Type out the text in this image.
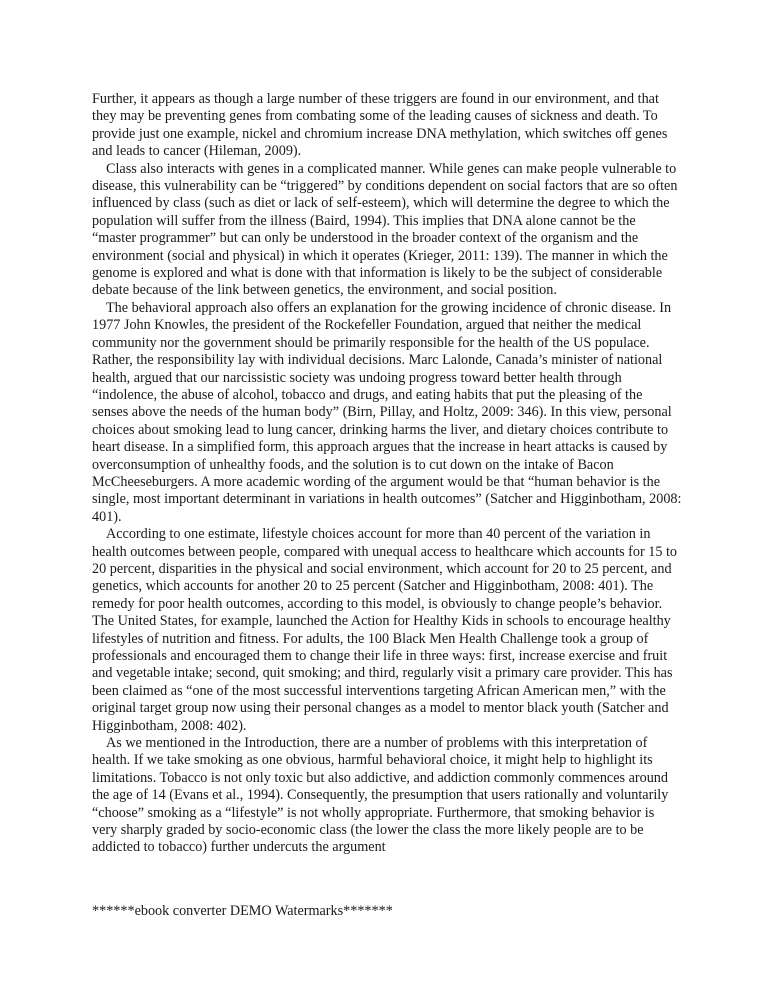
Further, it appears as though a large number of these triggers are found in our environment, and that they may be preventing genes from combating some of the leading causes of sickness and death. To provide just one example, nickel and chromium increase DNA methylation, which switches off genes and leads to cancer (Hileman, 2009).

Class also interacts with genes in a complicated manner. While genes can make people vulnerable to disease, this vulnerability can be “triggered” by conditions dependent on social factors that are so often influenced by class (such as diet or lack of self-esteem), which will determine the degree to which the population will suffer from the illness (Baird, 1994). This implies that DNA alone cannot be the “master programmer” but can only be understood in the broader context of the organism and the environment (social and physical) in which it operates (Krieger, 2011: 139). The manner in which the genome is explored and what is done with that information is likely to be the subject of considerable debate because of the link between genetics, the environment, and social position.

The behavioral approach also offers an explanation for the growing incidence of chronic disease. In 1977 John Knowles, the president of the Rockefeller Foundation, argued that neither the medical community nor the government should be primarily responsible for the health of the US populace. Rather, the responsibility lay with individual decisions. Marc Lalonde, Canada’s minister of national health, argued that our narcissistic society was undoing progress toward better health through “indolence, the abuse of alcohol, tobacco and drugs, and eating habits that put the pleasing of the senses above the needs of the human body” (Birn, Pillay, and Holtz, 2009: 346). In this view, personal choices about smoking lead to lung cancer, drinking harms the liver, and dietary choices contribute to heart disease. In a simplified form, this approach argues that the increase in heart attacks is caused by overconsumption of unhealthy foods, and the solution is to cut down on the intake of Bacon McCheeseburgers. A more academic wording of the argument would be that “human behavior is the single, most important determinant in variations in health outcomes” (Satcher and Higginbotham, 2008: 401).

According to one estimate, lifestyle choices account for more than 40 percent of the variation in health outcomes between people, compared with unequal access to healthcare which accounts for 15 to 20 percent, disparities in the physical and social environment, which account for 20 to 25 percent, and genetics, which accounts for another 20 to 25 percent (Satcher and Higginbotham, 2008: 401). The remedy for poor health outcomes, according to this model, is obviously to change people’s behavior. The United States, for example, launched the Action for Healthy Kids in schools to encourage healthy lifestyles of nutrition and fitness. For adults, the 100 Black Men Health Challenge took a group of professionals and encouraged them to change their life in three ways: first, increase exercise and fruit and vegetable intake; second, quit smoking; and third, regularly visit a primary care provider. This has been claimed as “one of the most successful interventions targeting African American men,” with the original target group now using their personal changes as a model to mentor black youth (Satcher and Higginbotham, 2008: 402).

As we mentioned in the Introduction, there are a number of problems with this interpretation of health. If we take smoking as one obvious, harmful behavioral choice, it might help to highlight its limitations. Tobacco is not only toxic but also addictive, and addiction commonly commences around the age of 14 (Evans et al., 1994). Consequently, the presumption that users rationally and voluntarily “choose” smoking as a “lifestyle” is not wholly appropriate. Furthermore, that smoking behavior is very sharply graded by socio-economic class (the lower the class the more likely people are to be addicted to tobacco) further undercuts the argument

******ebook converter DEMO Watermarks*******
